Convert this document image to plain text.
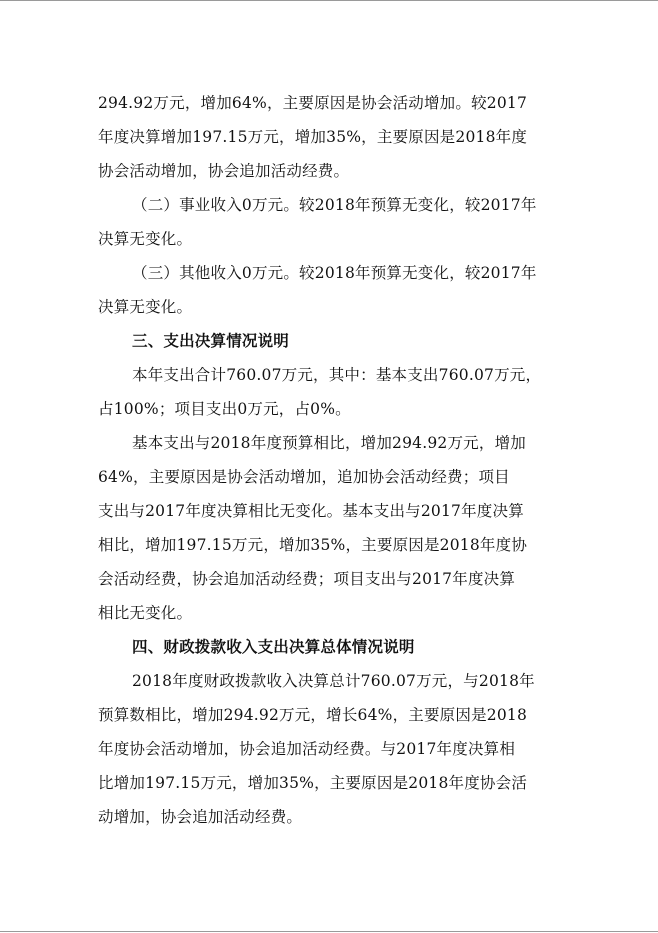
294.92万元，增加64%，主要原因是协会活动增加。较2017
年度决算增加197.15万元，增加35%，主要原因是2018年度
协会活动增加，协会追加活动经费。
（二）事业收入0万元。较2018年预算无变化，较2017年
决算无变化。
（三）其他收入0万元。较2018年预算无变化，较2017年
决算无变化。
三、支出决算情况说明
本年支出合计760.07万元，其中：基本支出760.07万元，
占100%；项目支出0万元，占0%。
基本支出与2018年度预算相比，增加294.92万元，增加
64%，主要原因是协会活动增加，追加协会活动经费；项目
支出与2017年度决算相比无变化。基本支出与2017年度决算
相比，增加197.15万元，增加35%，主要原因是2018年度协
会活动经费，协会追加活动经费；项目支出与2017年度决算
相比无变化。
四、财政拨款收入支出决算总体情况说明
2018年度财政拨款收入决算总计760.07万元，与2018年
预算数相比，增加294.92万元，增长64%，主要原因是2018
年度协会活动增加，协会追加活动经费。与2017年度决算相
比增加197.15万元，增加35%，主要原因是2018年度协会活
动增加，协会追加活动经费。
